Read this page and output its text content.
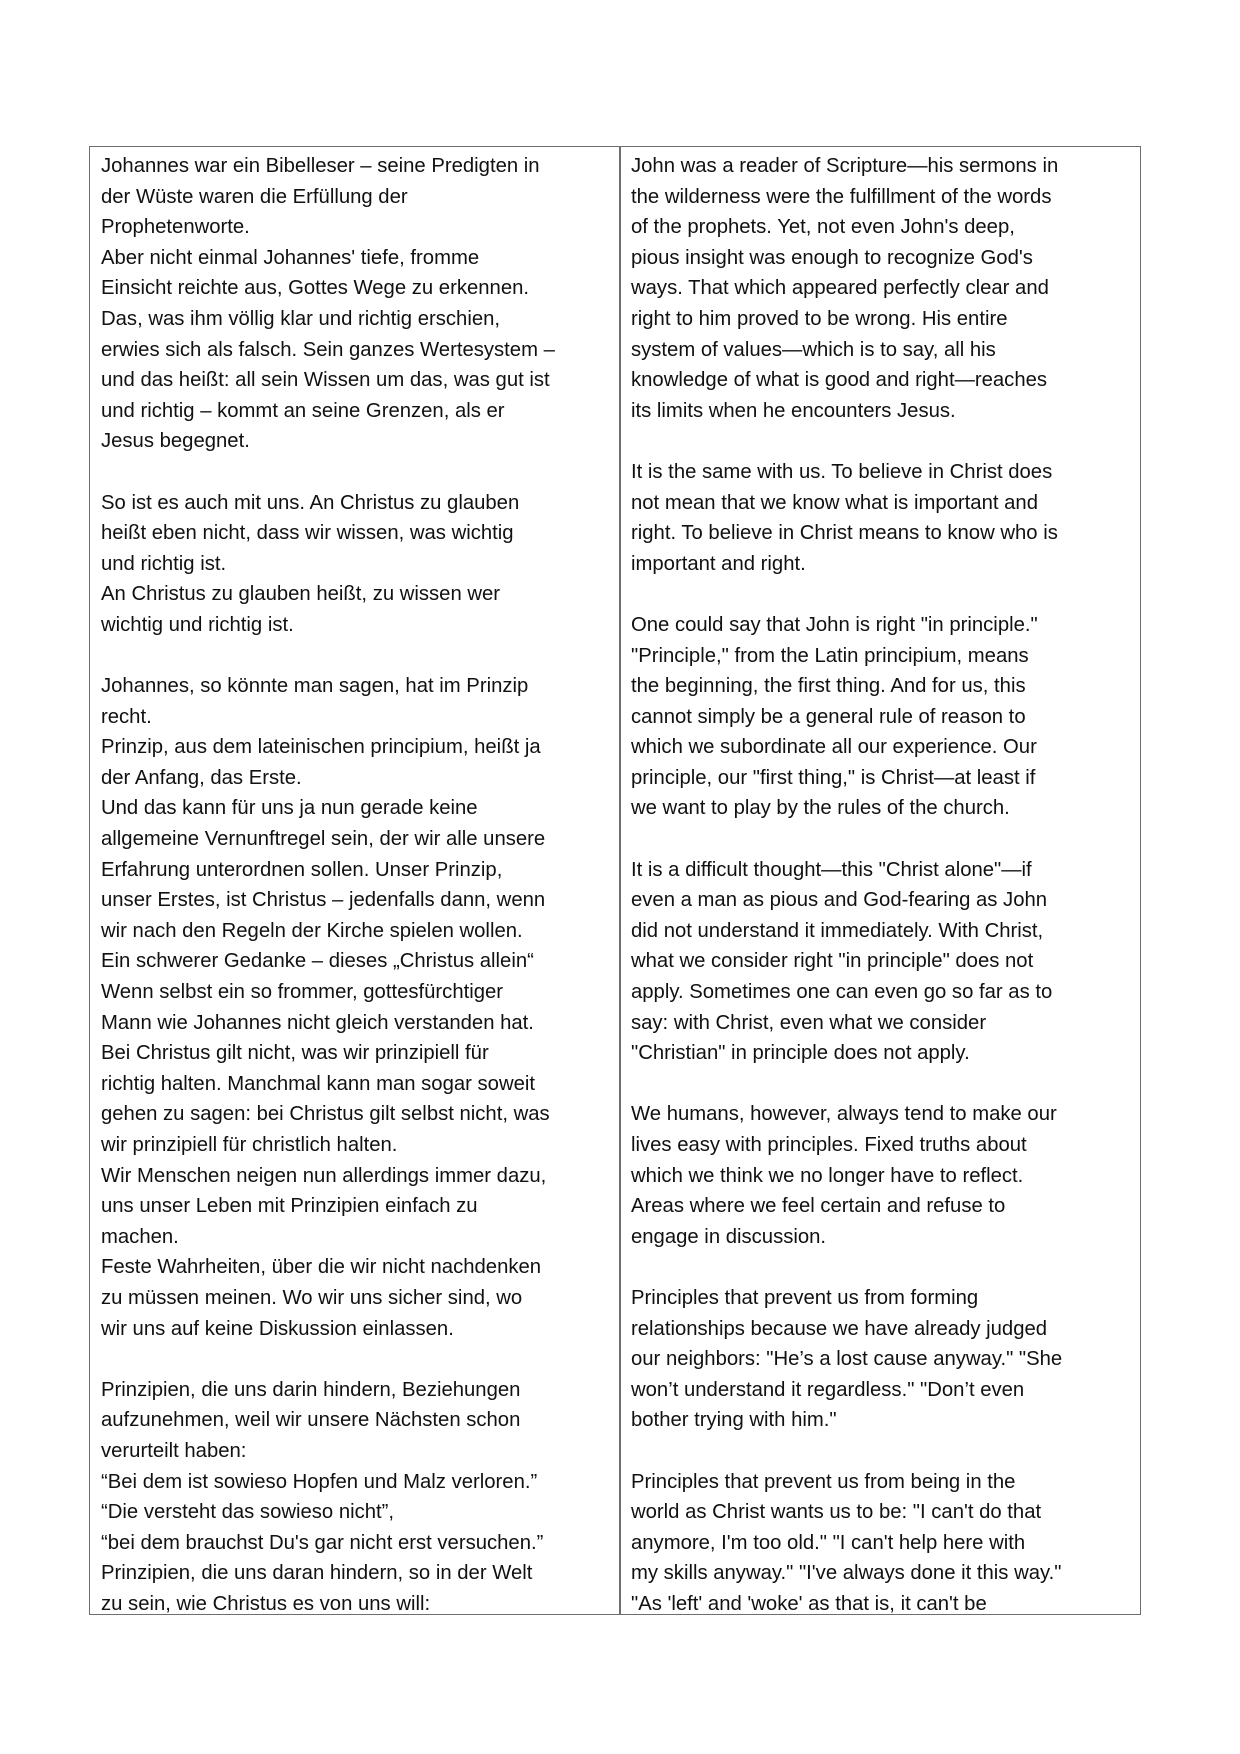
Johannes war ein Bibelleser – seine Predigten in
der Wüste waren die Erfüllung der
Prophetenworte.
Aber nicht einmal Johannes' tiefe, fromme
Einsicht reichte aus, Gottes Wege zu erkennen.
Das, was ihm völlig klar und richtig erschien,
erwies sich als falsch. Sein ganzes Wertesystem –
und das heißt: all sein Wissen um das, was gut ist
und richtig – kommt an seine Grenzen, als er
Jesus begegnet.
So ist es auch mit uns. An Christus zu glauben
heißt eben nicht, dass wir wissen, was wichtig
und richtig ist.
An Christus zu glauben heißt, zu wissen wer
wichtig und richtig ist.
Johannes, so könnte man sagen, hat im Prinzip
recht.
Prinzip, aus dem lateinischen principium, heißt ja
der Anfang, das Erste.
Und das kann für uns ja nun gerade keine
allgemeine Vernunftregel sein, der wir alle unsere
Erfahrung unterordnen sollen. Unser Prinzip,
unser Erstes, ist Christus – jedenfalls dann, wenn
wir nach den Regeln der Kirche spielen wollen.
Ein schwerer Gedanke – dieses „Christus allein“
Wenn selbst ein so frommer, gottesfürchtiger
Mann wie Johannes nicht gleich verstanden hat.
Bei Christus gilt nicht, was wir prinzipiell für
richtig halten. Manchmal kann man sogar soweit
gehen zu sagen: bei Christus gilt selbst nicht, was
wir prinzipiell für christlich halten.
Wir Menschen neigen nun allerdings immer dazu,
uns unser Leben mit Prinzipien einfach zu
machen.
Feste Wahrheiten, über die wir nicht nachdenken
zu müssen meinen. Wo wir uns sicher sind, wo
wir uns auf keine Diskussion einlassen.
Prinzipien, die uns darin hindern, Beziehungen
aufzunehmen, weil wir unsere Nächsten schon
verurteilt haben:
“Bei dem ist sowieso Hopfen und Malz verloren.”
“Die versteht das sowieso nicht”,
“bei dem brauchst Du's gar nicht erst versuchen.”
Prinzipien, die uns daran hindern, so in der Welt
zu sein, wie Christus es von uns will:
John was a reader of Scripture—his sermons in
the wilderness were the fulfillment of the words
of the prophets. Yet, not even John's deep,
pious insight was enough to recognize God's
ways. That which appeared perfectly clear and
right to him proved to be wrong. His entire
system of values—which is to say, all his
knowledge of what is good and right—reaches
its limits when he encounters Jesus.
It is the same with us. To believe in Christ does
not mean that we know what is important and
right. To believe in Christ means to know who is
important and right.
One could say that John is right "in principle."
"Principle," from the Latin principium, means
the beginning, the first thing. And for us, this
cannot simply be a general rule of reason to
which we subordinate all our experience. Our
principle, our "first thing," is Christ—at least if
we want to play by the rules of the church.
It is a difficult thought—this "Christ alone"—if
even a man as pious and God-fearing as John
did not understand it immediately. With Christ,
what we consider right "in principle" does not
apply. Sometimes one can even go so far as to
say: with Christ, even what we consider
"Christian" in principle does not apply.
We humans, however, always tend to make our
lives easy with principles. Fixed truths about
which we think we no longer have to reflect.
Areas where we feel certain and refuse to
engage in discussion.
Principles that prevent us from forming
relationships because we have already judged
our neighbors: "He’s a lost cause anyway." "She
won’t understand it regardless." "Don’t even
bother trying with him."
Principles that prevent us from being in the
world as Christ wants us to be: "I can't do that
anymore, I'm too old." "I can't help here with
my skills anyway." "I've always done it this way."
"As 'left' and 'woke' as that is, it can't be
